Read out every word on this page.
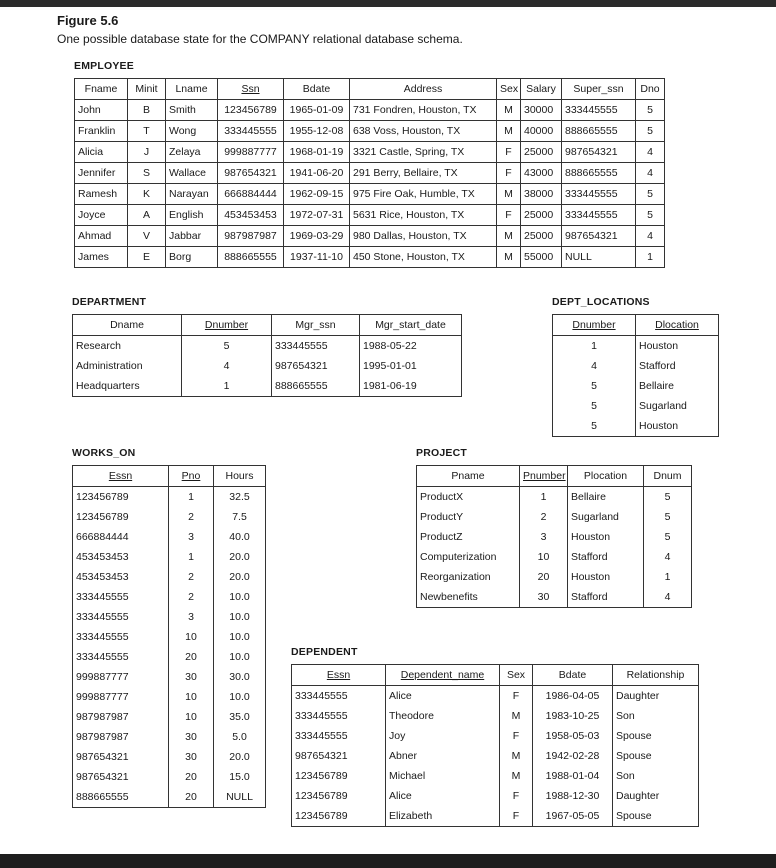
Figure 5.6
One possible database state for the COMPANY relational database schema.
EMPLOYEE
DEPARTMENT	DEPT_LOCATIONS
WORKS_ON	PROJECT
DEPENDENT
Fname	Minit	Lname	Ssn	Bdate	Address	Sex	Salary	Super_ssn	Dno
John	B	Smith	123456789	1965-01-09	731 Fondren, Houston, TX	M	30000	333445555	5
Franklin	T	Wong	333445555	1955-12-08	638 Voss, Houston, TX	M	40000	888665555	5
Alicia	J	Zelaya	999887777	1968-01-19	3321 Castle, Spring, TX	F	25000	987654321	4
Jennifer	S	Wallace	987654321	1941-06-20	291 Berry, Bellaire, TX	F	43000	888665555	4
Ramesh	K	Narayan	666884444	1962-09-15	975 Fire Oak, Humble, TX	M	38000	333445555	5
Joyce	A	English	453453453	1972-07-31	5631 Rice, Houston, TX	F	25000	333445555	5
Ahmad	V	Jabbar	987987987	1969-03-29	980 Dallas, Houston, TX	M	25000	987654321	4
James	E	Borg	888665555	1937-11-10	450 Stone, Houston, TX	M	55000	NULL	1
Dname	Dnumber	Mgr_ssn	Mgr_start_date
Research	5	333445555	1988-05-22
Administration	4	987654321	1995-01-01
Headquarters	1	888665555	1981-06-19
Dnumber	Dlocation
1	Houston
4	Stafford
5	Bellaire
5	Sugarland
5	Houston
Essn	Pno	Hours
123456789	1	32.5
123456789	2	7.5
666884444	3	40.0
453453453	1	20.0
453453453	2	20.0
333445555	2	10.0
333445555	3	10.0
333445555	10	10.0
333445555	20	10.0
999887777	30	30.0
999887777	10	10.0
987987987	10	35.0
987987987	30	5.0
987654321	30	20.0
987654321	20	15.0
888665555	20	NULL
Pname	Pnumber	Plocation	Dnum
ProductX	1	Bellaire	5
ProductY	2	Sugarland	5
ProductZ	3	Houston	5
Computerization	10	Stafford	4
Reorganization	20	Houston	1
Newbenefits	30	Stafford	4
Essn	Dependent_name	Sex	Bdate	Relationship
333445555	Alice	F	1986-04-05	Daughter
333445555	Theodore	M	1983-10-25	Son
333445555	Joy	F	1958-05-03	Spouse
987654321	Abner	M	1942-02-28	Spouse
123456789	Michael	M	1988-01-04	Son
123456789	Alice	F	1988-12-30	Daughter
123456789	Elizabeth	F	1967-05-05	Spouse
